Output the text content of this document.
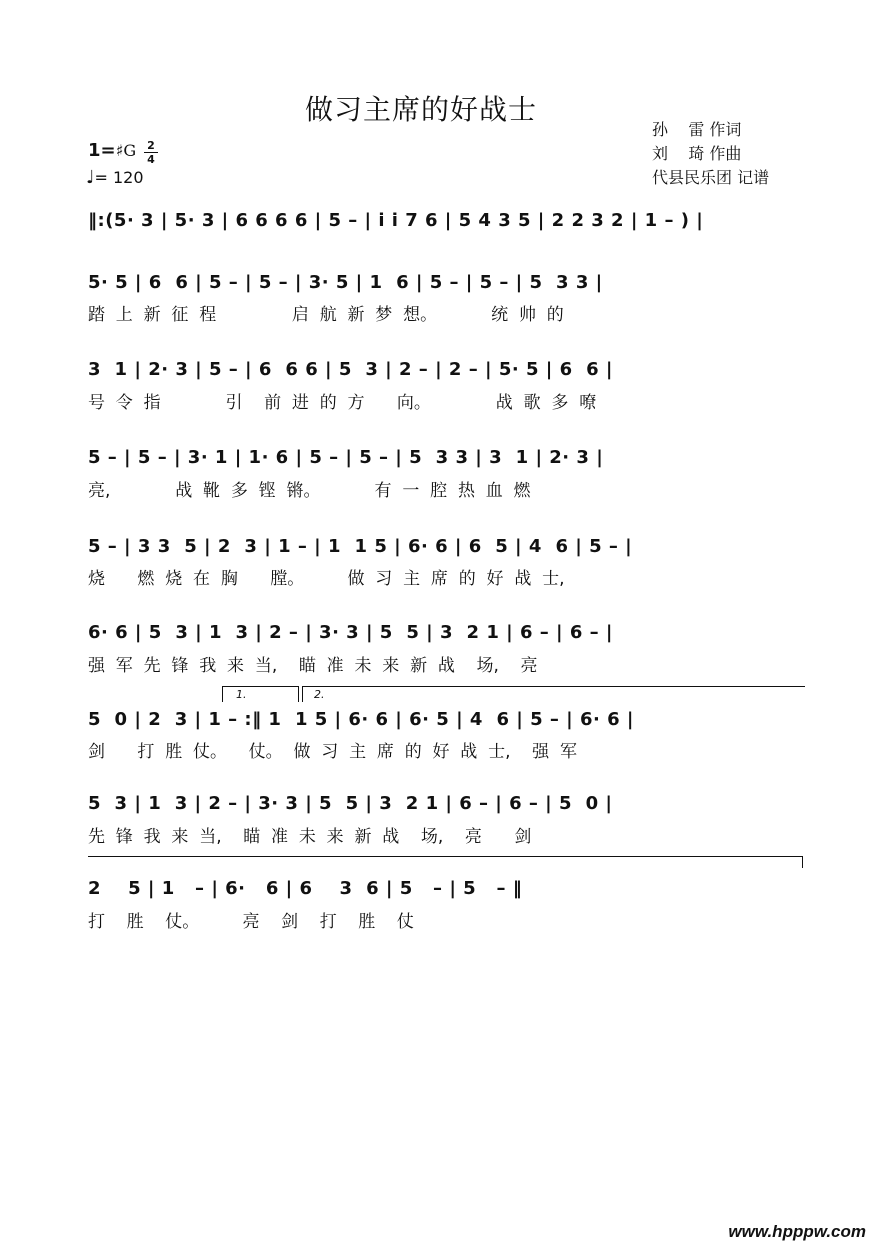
做习主席的好战士
孙    雷 作词
刘    琦 作曲
代县民乐团 记谱
1=♯G 2
4
♩= 120
‖:(5· 3 | 5· 3 | 6 6 6 6 | 5 – | i i 7 6 | 5 4 3 5 | 2 2 3 2 | 1 – ) |
5· 5 | 6  6 | 5 – | 5 – | 3· 5 | 1  6 | 5 – | 5 – | 5  3 3 |
踏  上  新  征  程              启  航  新  梦  想。          统  帅  的
3  1 | 2· 3 | 5 – | 6  6 6 | 5  3 | 2 – | 2 – | 5· 5 | 6  6 |
号  令  指            引    前  进  的  方      向。            战  歌  多  嘹
5 – | 5 – | 3· 1 | 1· 6 | 5 – | 5 – | 5  3 3 | 3  1 | 2· 3 |
亮,            战  靴  多  铿  锵。          有  一  腔  热  血  燃
5 – | 3 3  5 | 2  3 | 1 – | 1  1 5 | 6· 6 | 6  5 | 4  6 | 5 – |
烧      燃  烧  在  胸      膛。        做  习  主  席  的  好  战  士,
6· 6 | 5  3 | 1  3 | 2 – | 3· 3 | 5  5 | 3  2 1 | 6 – | 6 – |
强  军  先  锋  我  来  当,    瞄  准  未  来  新  战    场,    亮
1.	2.
5  0 | 2  3 | 1 – :‖ 1  1 5 | 6· 6 | 6· 5 | 4  6 | 5 – | 6· 6 |
剑      打  胜  仗。    仗。  做  习  主  席  的  好  战  士,    强  军
5  3 | 1  3 | 2 – | 3· 3 | 5  5 | 3  2 1 | 6 – | 6 – | 5  0 |
先  锋  我  来  当,    瞄  准  未  来  新  战    场,    亮      剑
2    5 | 1   – | 6·   6 | 6    3  6 | 5   – | 5   – ‖
打    胜    仗。        亮    剑    打    胜    仗
www.hpppw.com
